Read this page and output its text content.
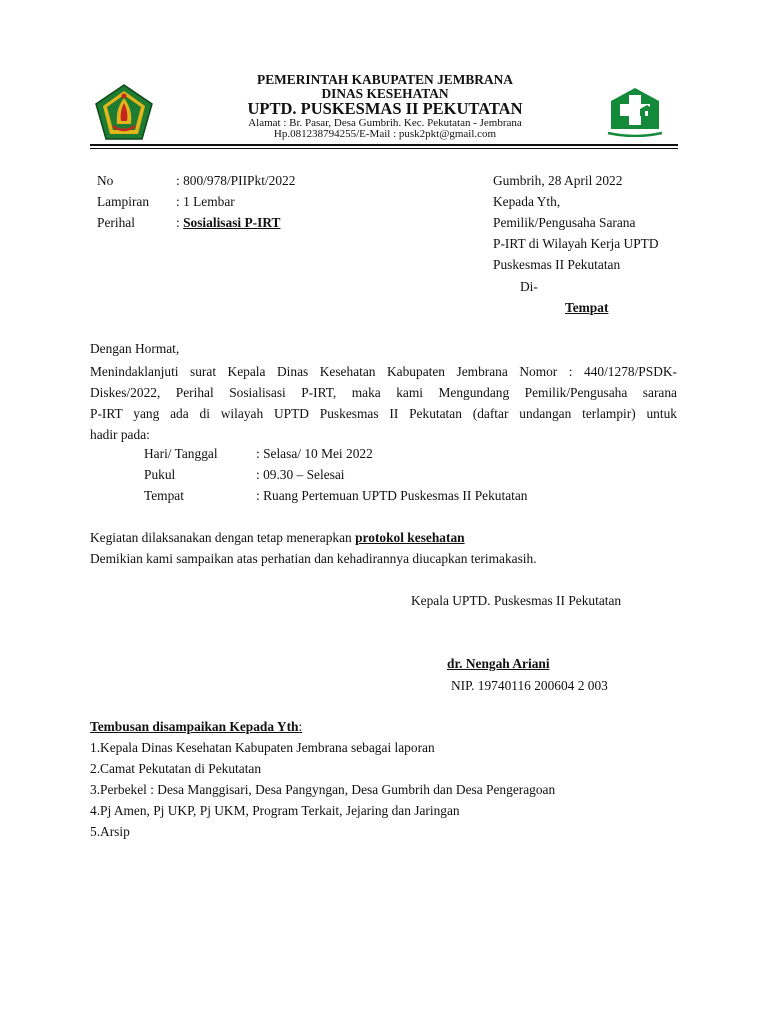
PEMERINTAH KABUPATEN JEMBRANA
DINAS KESEHATAN
UPTD. PUSKESMAS II PEKUTATAN
Alamat : Br. Pasar, Desa Gumbrih. Kec. Pekutatan - Jembrana
Hp.081238794255/E-Mail : pusk2pkt@gmail.com
No	: 800/978/PIIPkt/2022
Lampiran : 1 Lembar
Perihal	: Sosialisasi P-IRT
Gumbrih, 28 April 2022
Kepada Yth,
Pemilik/Pengusaha Sarana
P-IRT di Wilayah Kerja UPTD
Puskesmas II Pekutatan
Di-
Tempat
Dengan Hormat,
Menindaklanjuti surat Kepala Dinas Kesehatan Kabupaten Jembrana Nomor : 440/1278/PSDK-
Diskes/2022, Perihal Sosialisasi P-IRT, maka kami Mengundang Pemilik/Pengusaha sarana
P-IRT yang ada di wilayah UPTD Puskesmas II Pekutatan (daftar undangan terlampir) untuk
hadir pada:
Hari/ Tanggal	: Selasa/ 10 Mei 2022
Pukul	: 09.30 – Selesai
Tempat	: Ruang Pertemuan UPTD Puskesmas II Pekutatan
Kegiatan dilaksanakan dengan tetap menerapkan protokol kesehatan
Demikian kami sampaikan atas perhatian dan kehadirannya diucapkan terimakasih.
Kepala UPTD. Puskesmas II Pekutatan
dr. Nengah Ariani
NIP. 19740116 200604 2 003
Tembusan disampaikan Kepada Yth:
1.Kepala Dinas Kesehatan Kabupaten Jembrana sebagai laporan
2.Camat Pekutatan di Pekutatan
3.Perbekel : Desa Manggisari, Desa Pangyngan, Desa Gumbrih dan Desa Pengeragoan
4.Pj Amen, Pj UKP, Pj UKM, Program Terkait, Jejaring dan Jaringan
5.Arsip
